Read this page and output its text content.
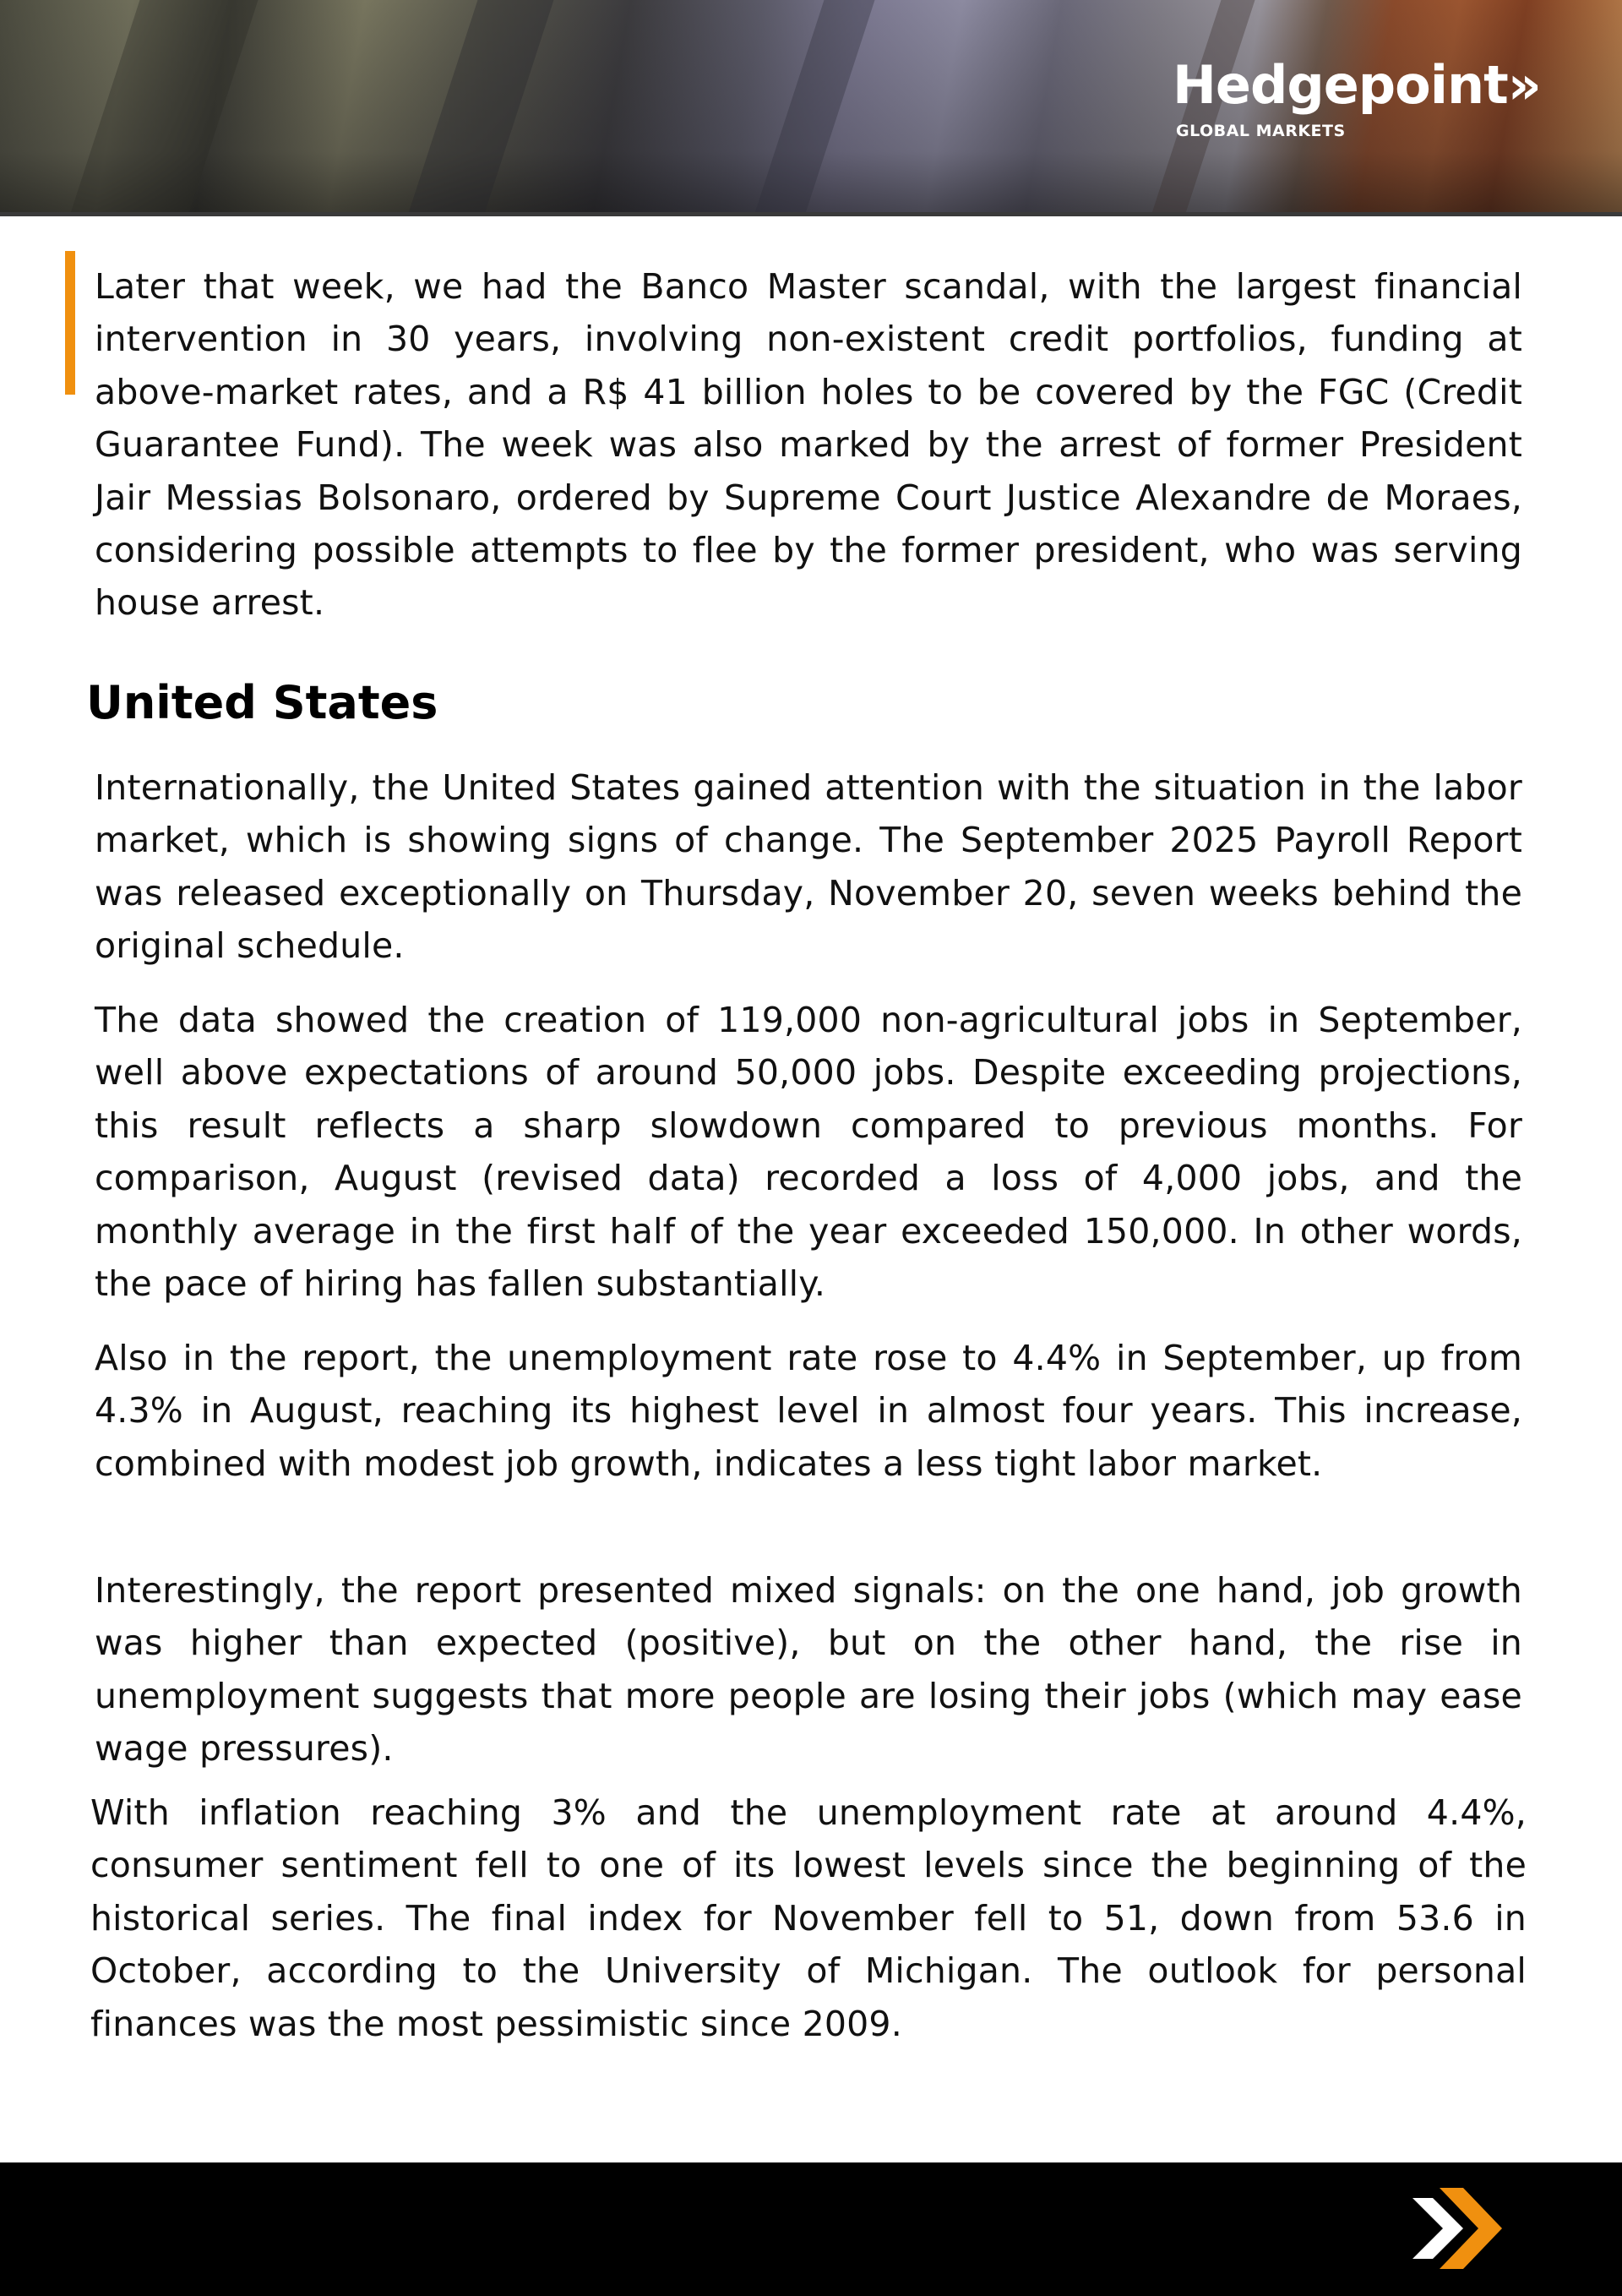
Hedgepoint»
GLOBAL MARKETS

Later that week, we had the Banco Master scandal, with the largest financial intervention in 30 years, involving non-existent credit portfolios, funding at above-market rates, and a R$ 41 billion holes to be covered by the FGC (Credit Guarantee Fund). The week was also marked by the arrest of former President Jair Messias Bolsonaro, ordered by Supreme Court Justice Alexandre de Moraes, considering possible attempts to flee by the former president, who was serving house arrest.

United States

Internationally, the United States gained attention with the situation in the labor market, which is showing signs of change. The September 2025 Payroll Report was released exceptionally on Thursday, November 20, seven weeks behind the original schedule.

The data showed the creation of 119,000 non-agricultural jobs in September, well above expectations of around 50,000 jobs. Despite exceeding projections, this result reflects a sharp slowdown compared to previous months. For comparison, August (revised data) recorded a loss of 4,000 jobs, and the monthly average in the first half of the year exceeded 150,000. In other words, the pace of hiring has fallen substantially.

Also in the report, the unemployment rate rose to 4.4% in September, up from 4.3% in August, reaching its highest level in almost four years. This increase, combined with modest job growth, indicates a less tight labor market.

Interestingly, the report presented mixed signals: on the one hand, job growth was higher than expected (positive), but on the other hand, the rise in unemployment suggests that more people are losing their jobs (which may ease wage pressures).

With inflation reaching 3% and the unemployment rate at around 4.4%, consumer sentiment fell to one of its lowest levels since the beginning of the historical series. The final index for November fell to 51, down from 53.6 in October, according to the University of Michigan. The outlook for personal finances was the most pessimistic since 2009.
